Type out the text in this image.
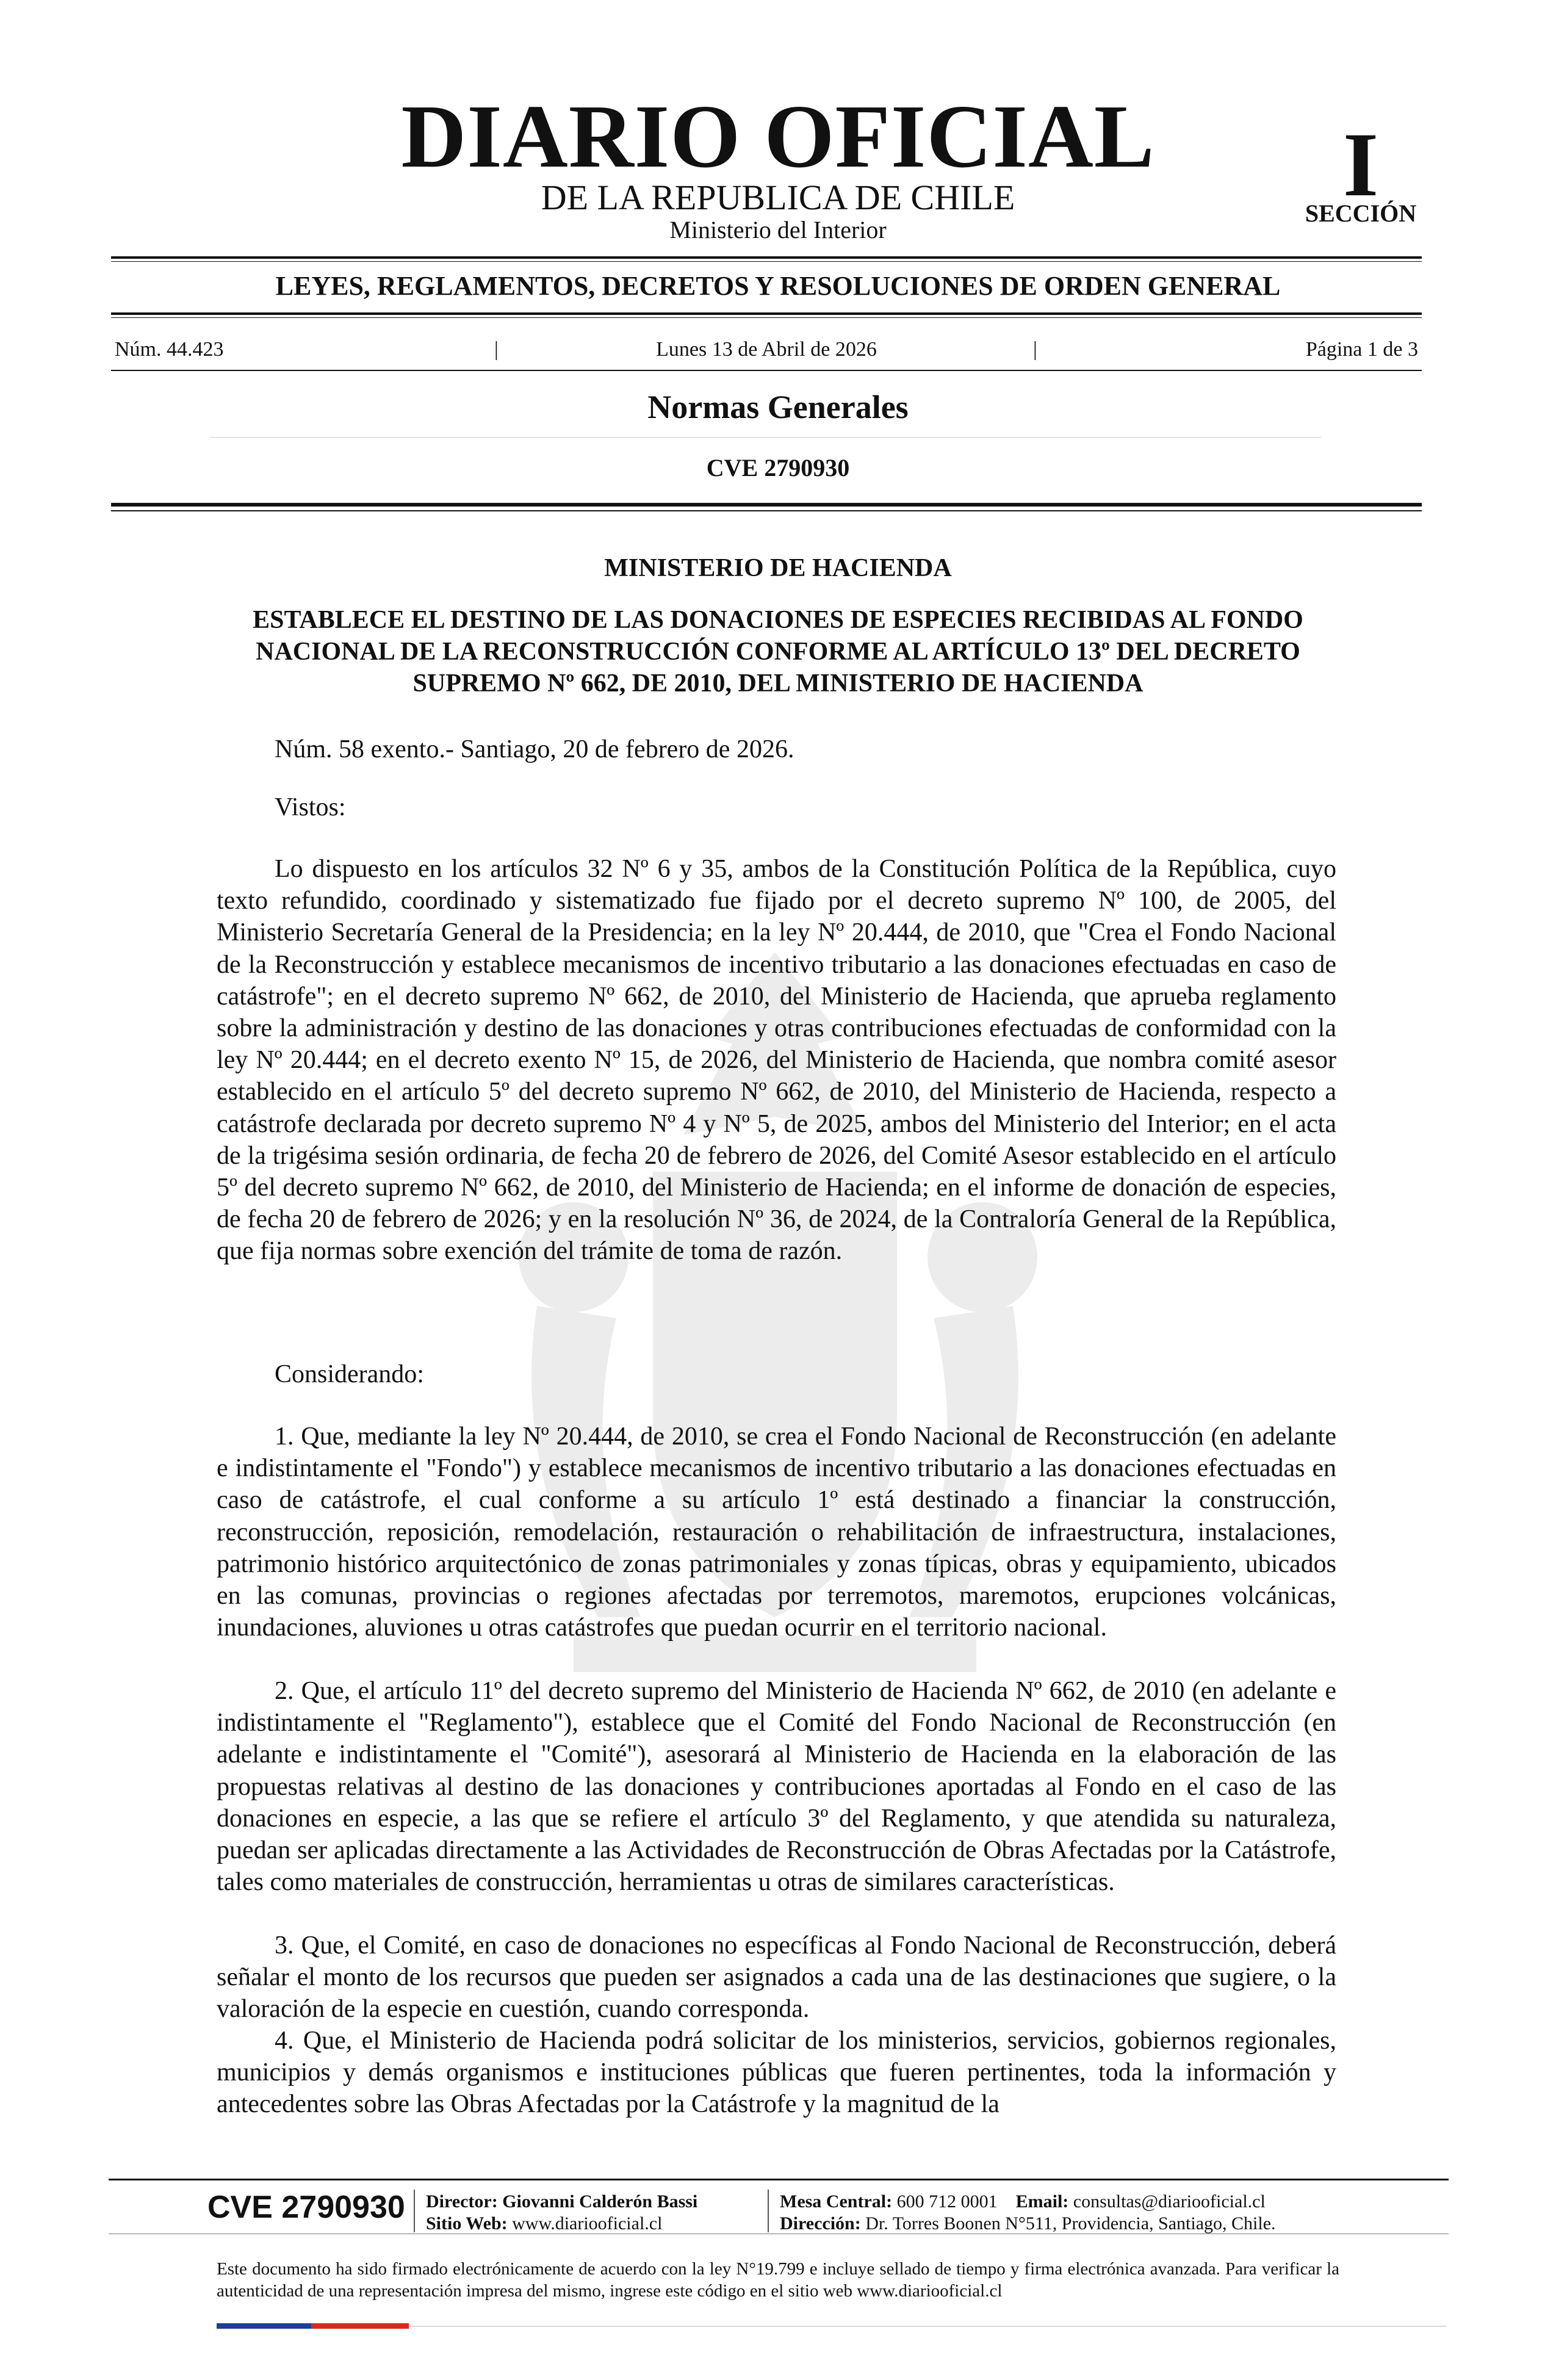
DIARIO OFICIAL
DE LA REPUBLICA DE CHILE
Ministerio del Interior
I
SECCIÓN
LEYES, REGLAMENTOS, DECRETOS Y RESOLUCIONES DE ORDEN GENERAL
Núm. 44.423	|	Lunes 13 de Abril de 2026	|	Página 1 de 3
Normas Generales
CVE 2790930
MINISTERIO DE HACIENDA
ESTABLECE EL DESTINO DE LAS DONACIONES DE ESPECIES RECIBIDAS AL FONDO NACIONAL DE LA RECONSTRUCCIÓN CONFORME AL ARTÍCULO 13º DEL DECRETO SUPREMO Nº 662, DE 2010, DEL MINISTERIO DE HACIENDA
Núm. 58 exento.- Santiago, 20 de febrero de 2026.
Vistos:

Lo dispuesto en los artículos 32 Nº 6 y 35, ambos de la Constitución Política de la República, cuyo texto refundido, coordinado y sistematizado fue fijado por el decreto supremo Nº 100, de 2005, del Ministerio Secretaría General de la Presidencia; en la ley Nº 20.444, de 2010, que "Crea el Fondo Nacional de la Reconstrucción y establece mecanismos de incentivo tributario a las donaciones efectuadas en caso de catástrofe"; en el decreto supremo Nº 662, de 2010, del Ministerio de Hacienda, que aprueba reglamento sobre la administración y destino de las donaciones y otras contribuciones efectuadas de conformidad con la ley Nº 20.444; en el decreto exento Nº 15, de 2026, del Ministerio de Hacienda, que nombra comité asesor establecido en el artículo 5º del decreto supremo Nº 662, de 2010, del Ministerio de Hacienda, respecto a catástrofe declarada por decreto supremo Nº 4 y Nº 5, de 2025, ambos del Ministerio del Interior; en el acta de la trigésima sesión ordinaria, de fecha 20 de febrero de 2026, del Comité Asesor establecido en el artículo 5º del decreto supremo Nº 662, de 2010, del Ministerio de Hacienda; en el informe de donación de especies, de fecha 20 de febrero de 2026; y en la resolución Nº 36, de 2024, de la Contraloría General de la República, que fija normas sobre exención del trámite de toma de razón.

Considerando:

1. Que, mediante la ley Nº 20.444, de 2010, se crea el Fondo Nacional de Reconstrucción (en adelante e indistintamente el "Fondo") y establece mecanismos de incentivo tributario a las donaciones efectuadas en caso de catástrofe, el cual conforme a su artículo 1º está destinado a financiar la construcción, reconstrucción, reposición, remodelación, restauración o rehabilitación de infraestructura, instalaciones, patrimonio histórico arquitectónico de zonas patrimoniales y zonas típicas, obras y equipamiento, ubicados en las comunas, provincias o regiones afectadas por terremotos, maremotos, erupciones volcánicas, inundaciones, aluviones u otras catástrofes que puedan ocurrir en el territorio nacional.

2. Que, el artículo 11º del decreto supremo del Ministerio de Hacienda Nº 662, de 2010 (en adelante e indistintamente el "Reglamento"), establece que el Comité del Fondo Nacional de Reconstrucción (en adelante e indistintamente el "Comité"), asesorará al Ministerio de Hacienda en la elaboración de las propuestas relativas al destino de las donaciones y contribuciones aportadas al Fondo en el caso de las donaciones en especie, a las que se refiere el artículo 3º del Reglamento, y que atendida su naturaleza, puedan ser aplicadas directamente a las Actividades de Reconstrucción de Obras Afectadas por la Catástrofe, tales como materiales de construcción, herramientas u otras de similares características.

3. Que, el Comité, en caso de donaciones no específicas al Fondo Nacional de Reconstrucción, deberá señalar el monto de los recursos que pueden ser asignados a cada una de las destinaciones que sugiere, o la valoración de la especie en cuestión, cuando corresponda.

4. Que, el Ministerio de Hacienda podrá solicitar de los ministerios, servicios, gobiernos regionales, municipios y demás organismos e instituciones públicas que fueren pertinentes, toda la información y antecedentes sobre las Obras Afectadas por la Catástrofe y la magnitud de la

CVE 2790930 Director: Giovanni Calderón Bassi
Sitio Web: www.diariooficial.cl
Mesa Central: 600 712 0001 Email: consultas@diariooficial.cl
Dirección: Dr. Torres Boonen N°511, Providencia, Santiago, Chile.
Este documento ha sido firmado electrónicamente de acuerdo con la ley N°19.799 e incluye sellado de tiempo y firma electrónica avanzada. Para verificar la autenticidad de una representación impresa del mismo, ingrese este código en el sitio web www.diariooficial.cl
